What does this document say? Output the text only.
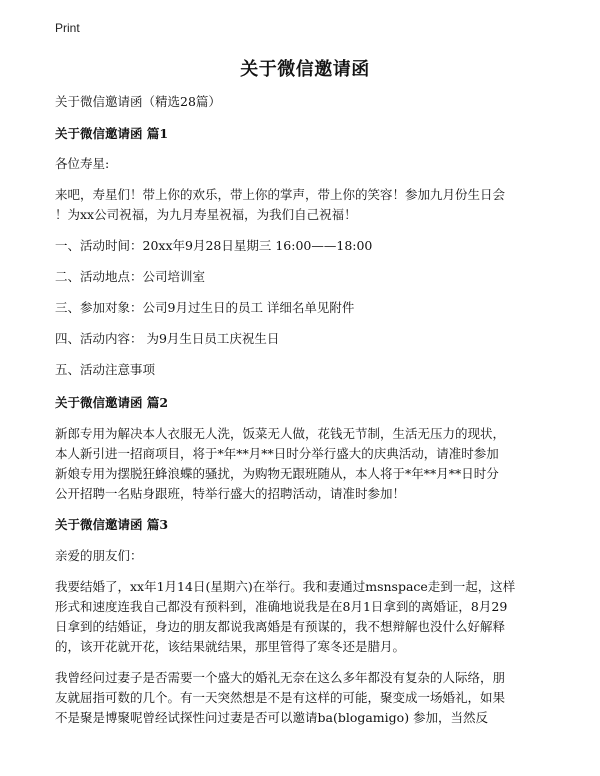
Print
关于微信邀请函
关于微信邀请函（精选28篇）
关于微信邀请函 篇1
各位寿星:
来吧，寿星们！带上你的欢乐，带上你的掌声，带上你的笑容！参加九月份生日会
！为xx公司祝福，为九月寿星祝福，为我们自己祝福！
一、活动时间：20xx年9月28日星期三 16:00——18:00
二、活动地点：公司培训室
三、参加对象：公司9月过生日的员工 详细名单见附件
四、活动内容： 为9月生日员工庆祝生日
五、活动注意事项
关于微信邀请函 篇2
新郎专用为解决本人衣服无人洗，饭菜无人做，花钱无节制，生活无压力的现状，
本人新引进一招商项目，将于*年**月**日时分举行盛大的庆典活动，请准时参加
新娘专用为摆脱狂蜂浪蝶的骚扰，为购物无跟班随从，本人将于*年**月**日时分
公开招聘一名贴身跟班，特举行盛大的招聘活动，请准时参加！
关于微信邀请函 篇3
亲爱的朋友们：
我要结婚了，xx年1月14日(星期六)在举行。我和妻通过msnspace走到一起，这样
形式和速度连我自己都没有预料到，准确地说我是在8月1日拿到的离婚证，8月29
日拿到的结婚证，身边的朋友都说我离婚是有预谋的，我不想辩解也没什么好解释
的，该开花就开花，该结果就结果，那里管得了寒冬还是腊月。
我曾经问过妻子是否需要一个盛大的婚礼无奈在这么多年都没有复杂的人际络，朋
友就屈指可数的几个。有一天突然想是不是有这样的可能，聚变成一场婚礼，如果
不是聚是博聚呢曾经试探性问过妻是否可以邀请ba(blogamigo) 参加，当然反
